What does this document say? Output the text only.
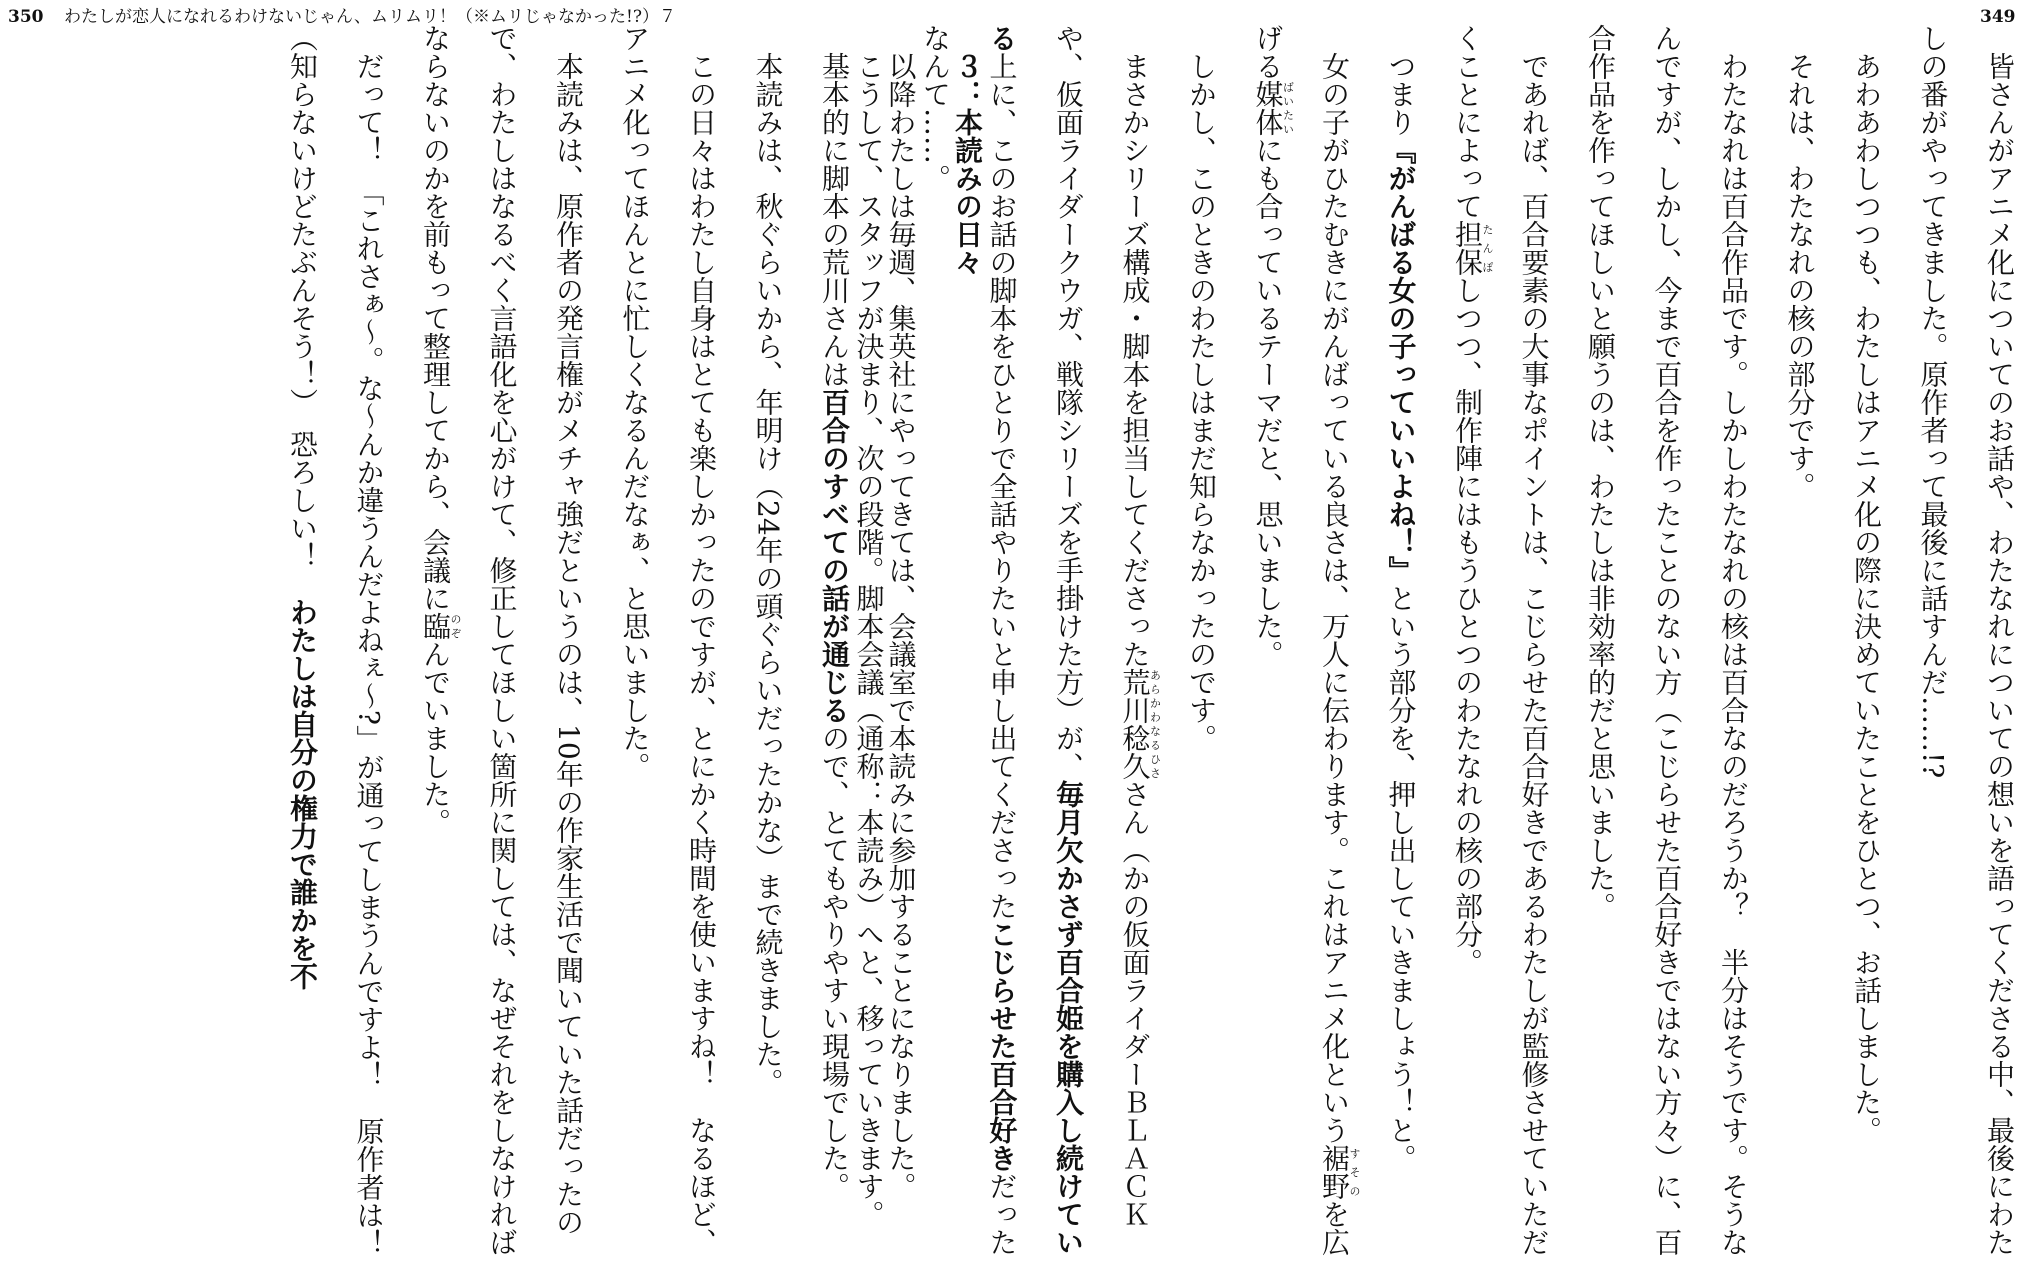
350 わたしが恋人になれるわけないじゃん、ムリムリ！（※ムリじゃなかった!?）７	349

皆さんがアニメ化についてのお話や、わたなれについての想いを語ってくださる中、最後にわたしの番がやってきました。原作者って最後に話すんだ……!?

あわあわしつつも、わたしはアニメ化の際に決めていたことをひとつ、お話しました。

それは、わたなれの核の部分です。

わたなれは百合作品です。しかしわたなれの核は百合なのだろうか？　半分はそうです。そうなんですが、しかし、今まで百合を作ったことのない方（こじらせた百合好きではない方々）に、百合作品を作ってほしいと願うのは、わたしは非効率的だと思いました。

であれば、百合要素の大事なポイントは、こじらせた百合好きであるわたしが監修させていただくことによって担保たんぽしつつ、制作陣にはもうひとつのわたなれの核の部分。

つまり『がんばる女の子っていいよね！』という部分を、押し出していきましょう！と。

女の子がひたむきにがんばっている良さは、万人に伝わります。これはアニメ化という裾野すそのを広げる媒体ばいたいにも合っているテーマだと、思いました。

しかし、このときのわたしはまだ知らなかったのです。

まさかシリーズ構成・脚本を担当してくださった荒川稔久あらかわなるひささん（かの仮面ライダーＢＬＡＣＫや、仮面ライダークウガ、戦隊シリーズを手掛けた方）が、毎月欠かさず百合姫を購入し続けている上に、このお話の脚本をひとりで全話やりたいと申し出てくださったこじらせた百合好きだったなんて……。

こうして、スタッフが決まり、次の段階。脚本会議（通称：本読み）へと、移っていきます。	３：本読みの日々

以降わたしは毎週、集英社にやってきては、会議室で本読みに参加することになりました。

基本的に脚本の荒川さんは百合のすべての話が通じるので、とてもやりやすい現場でした。

本読みは、秋ぐらいから、年明け（24年の頭ぐらいだったかな）まで続きました。

この日々はわたし自身はとても楽しかったのですが、とにかく時間を使いますね！　なるほど、アニメ化ってほんとに忙しくなるんだなぁ、と思いました。

本読みは、原作者の発言権がメチャ強だというのは、10年の作家生活で聞いていた話だったので、わたしはなるべく言語化を心がけて、修正してほしい箇所に関しては、なぜそれをしなければならないのかを前もって整理してから、会議に臨のぞんでいました。

だって！　「これさぁ～。な～んか違うんだよねぇ～?」が通ってしまうんですよ！　原作者は！（知らないけどたぶんそう！）　恐ろしい！　わたしは自分の権力で誰かを不
